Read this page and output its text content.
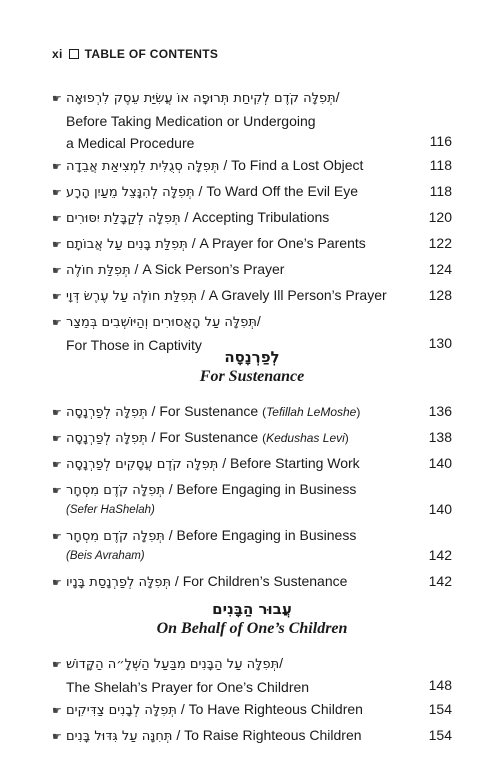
xi TABLE OF CONTENTS
☛ תְּפִלָּה קֹדֶם לְקִיחַת תְּרוּפָה אוֹ עֲשִׂיַּת עֵסֶק לִרְפוּאָה /
Before Taking Medication or Undergoing
a Medical Procedure	116
☛ תְּפִלָּה סְגֻלִּית לִמְצִיאַת אֲבֵדָה / To Find a Lost Object	118
☛ תְּפִלָּה לְהִנָּצֵל מֵעַיִן הָרָע / To Ward Off the Evil Eye	118
☛ תְּפִלָּה לְקַבָּלַת יִסּוּרִים / Accepting Tribulations	120
☛ תְּפִלַּת בָּנִים עַל אֲבוֹתָם / A Prayer for One’s Parents	122
☛ תְּפִלַּת חוֹלֶה / A Sick Person’s Prayer	124
☛ תְּפִלַּת חוֹלֶה עַל עֶרֶשׂ דְּוָי / A Gravely Ill Person’s Prayer	128
☛ תְּפִלָּה עַל הָאֲסוּרִים וְהַיּוֹשְׁבִים בְּמֵצַר /
For Those in Captivity	130
לְפַרְנָסָה
For Sustenance
☛ תְּפִלָּה לְפַרְנָסָה / For Sustenance
(Tefillah LeMoshe)	136
☛ תְּפִלָּה לְפַרְנָסָה / For Sustenance
(Kedushas Levi)	138
☛ תְּפִלָּה קֹדֶם עֲסָקִים לְפַרְנָסָה / Before Starting Work	140
☛ תְּפִלָּה קֹדֶם מִסְחָר / Before Engaging in Business
(Sefer HaShelah)	140
☛ תְּפִלָּה קֹדֶם מִסְחָר / Before Engaging in Business
(Beis Avraham)	142
☛ תְּפִלָּה לְפַרְנָסַת בָּנָיו / For Children’s Sustenance	142
עֲבוּר הַבָּנִים
On Behalf of One’s Children
☛ תְּפִלָּה עַל הַבָּנִים מִבַּעַל הַשְּׁלָ״ה הַקָּדוֹשׁ /
The Shelah’s Prayer for One’s Children	148
☛ תְּפִלָּה לְבָנִים צַדִּיקִים / To Have Righteous Children	154
☛ תְּחִנָּה עַל גִּדּוּל בָּנִים / To Raise Righteous Children	154
